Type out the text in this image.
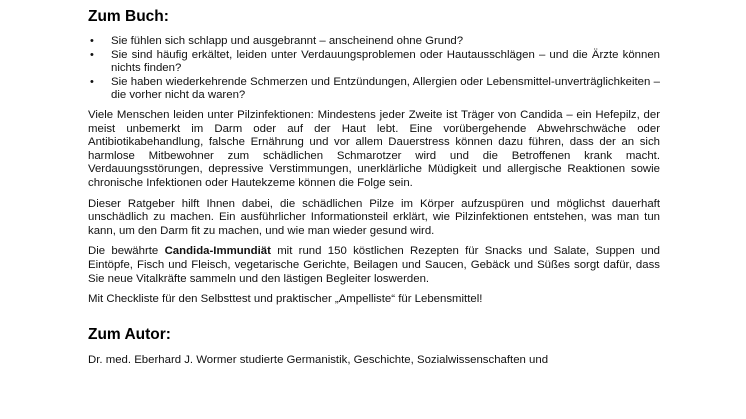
Zum Buch:
• Sie fühlen sich schlapp und ausgebrannt – anscheinend ohne Grund?
• Sie sind häufig erkältet, leiden unter Verdauungsproblemen oder Hautausschlägen – und die Ärzte können nichts finden?
• Sie haben wiederkehrende Schmerzen und Entzündungen, Allergien oder Lebensmittel-unverträglichkeiten – die vorher nicht da waren?

Viele Menschen leiden unter Pilzinfektionen: Mindestens jeder Zweite ist Träger von Candida – ein Hefepilz, der meist unbemerkt im Darm oder auf der Haut lebt. Eine vorübergehende Abwehrschwäche oder Antibiotikabehandlung, falsche Ernährung und vor allem Dauerstress können dazu führen, dass der an sich harmlose Mitbewohner zum schädlichen Schmarotzer wird und die Betroffenen krank macht. Verdauungsstörungen, depressive Verstimmungen, unerklärliche Müdigkeit und allergische Reaktionen sowie chronische Infektionen oder Hautekzeme können die Folge sein.

Dieser Ratgeber hilft Ihnen dabei, die schädlichen Pilze im Körper aufzuspüren und möglichst dauerhaft unschädlich zu machen. Ein ausführlicher Informationsteil erklärt, wie Pilzinfektionen entstehen, was man tun kann, um den Darm fit zu machen, und wie man wieder gesund wird.

Die bewährte Candida-Immundiät mit rund 150 köstlichen Rezepten für Snacks und Salate, Suppen und Eintöpfe, Fisch und Fleisch, vegetarische Gerichte, Beilagen und Saucen, Gebäck und Süßes sorgt dafür, dass Sie neue Vitalkräfte sammeln und den lästigen Begleiter loswerden.

Mit Checkliste für den Selbsttest und praktischer „Ampelliste“ für Lebensmittel!

Zum Autor:

Dr. med. Eberhard J. Wormer studierte Germanistik, Geschichte, Sozialwissenschaften und
